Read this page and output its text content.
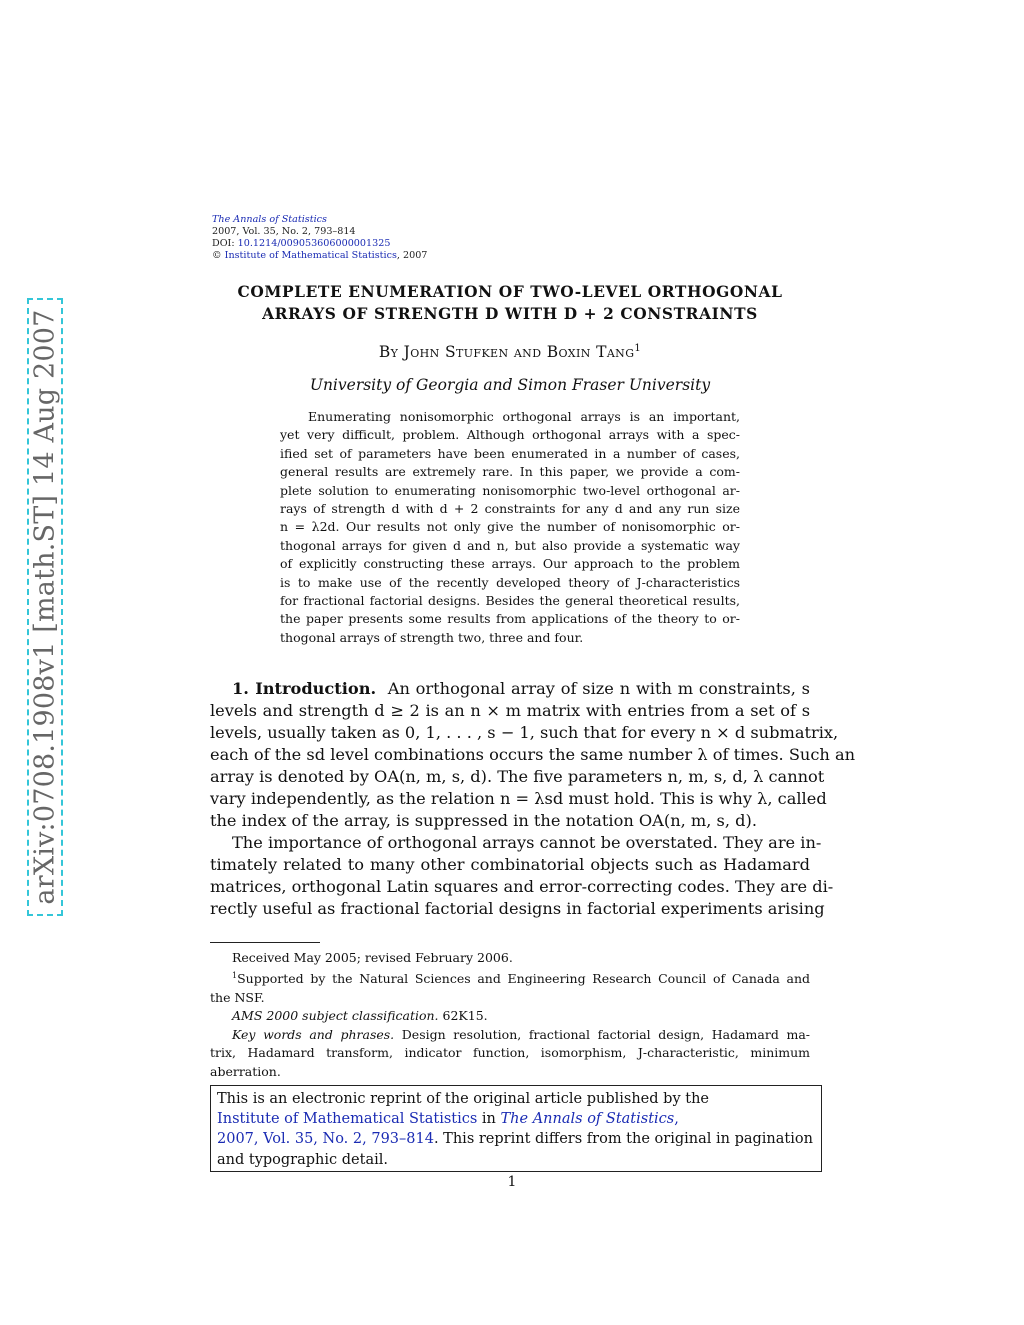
arXiv:0708.1908v1 [math.ST] 14 Aug 2007
The Annals of Statistics
2007, Vol. 35, No. 2, 793–814
DOI: 10.1214/009053606000001325
© Institute of Mathematical Statistics, 2007
COMPLETE ENUMERATION OF TWO-LEVEL ORTHOGONAL
ARRAYS OF STRENGTH D WITH D + 2 CONSTRAINTS
By John Stufken and Boxin Tang$^1$
University of Georgia and Simon Fraser University
Enumerating nonisomorphic orthogonal arrays is an important,
yet very difficult, problem. Although orthogonal arrays with a spec-
ified set of parameters have been enumerated in a number of cases,
general results are extremely rare. In this paper, we provide a com-
plete solution to enumerating nonisomorphic two-level orthogonal ar-
rays of strength d with d + 2 constraints for any d and any run size
n = λ2d. Our results not only give the number of nonisomorphic or-
thogonal arrays for given d and n, but also provide a systematic way
of explicitly constructing these arrays. Our approach to the problem
is to make use of the recently developed theory of J-characteristics
for fractional factorial designs. Besides the general theoretical results,
the paper presents some results from applications of the theory to or-
thogonal arrays of strength two, three and four.
1. Introduction. An orthogonal array of size n with m constraints, s
levels and strength d ≥ 2 is an n × m matrix with entries from a set of s
levels, usually taken as 0, 1, . . . , s − 1, such that for every n × d submatrix,
each of the sd level combinations occurs the same number λ of times. Such an
array is denoted by OA(n, m, s, d). The five parameters n, m, s, d, λ cannot
vary independently, as the relation n = λsd must hold. This is why λ, called
the index of the array, is suppressed in the notation OA(n, m, s, d).
The importance of orthogonal arrays cannot be overstated. They are in-
timately related to many other combinatorial objects such as Hadamard
matrices, orthogonal Latin squares and error-correcting codes. They are di-
rectly useful as fractional factorial designs in factorial experiments arising
Received May 2005; revised February 2006.
$^1$Supported by the Natural Sciences and Engineering Research Council of Canada and
the NSF.
AMS 2000 subject classification. 62K15.
Key words and phrases. Design resolution, fractional factorial design, Hadamard ma-
trix, Hadamard transform, indicator function, isomorphism, J-characteristic, minimum
aberration.
This is an electronic reprint of the original article published by the
Institute of Mathematical Statistics in The Annals of Statistics,
2007, Vol. 35, No. 2, 793–814. This reprint differs from the original in pagination
and typographic detail.
1
